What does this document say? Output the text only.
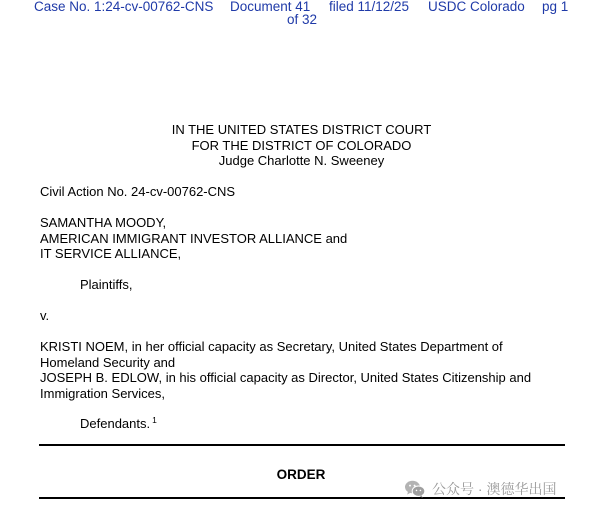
Case No. 1:24-cv-00762-CNS Document 41 filed 11/12/25 USDC Colorado pg 1
of 32
IN THE UNITED STATES DISTRICT COURT
FOR THE DISTRICT OF COLORADO
Judge Charlotte N. Sweeney
Civil Action No. 24-cv-00762-CNS
SAMANTHA MOODY,
AMERICAN IMMIGRANT INVESTOR ALLIANCE and
IT SERVICE ALLIANCE,
Plaintiffs,
v.
KRISTI NOEM, in her official capacity as Secretary, United States Department of
Homeland Security and
JOSEPH B. EDLOW, in his official capacity as Director, United States Citizenship and
Immigration Services,
Defendants. $^1$
ORDER
公众号 · 澳德华出国
